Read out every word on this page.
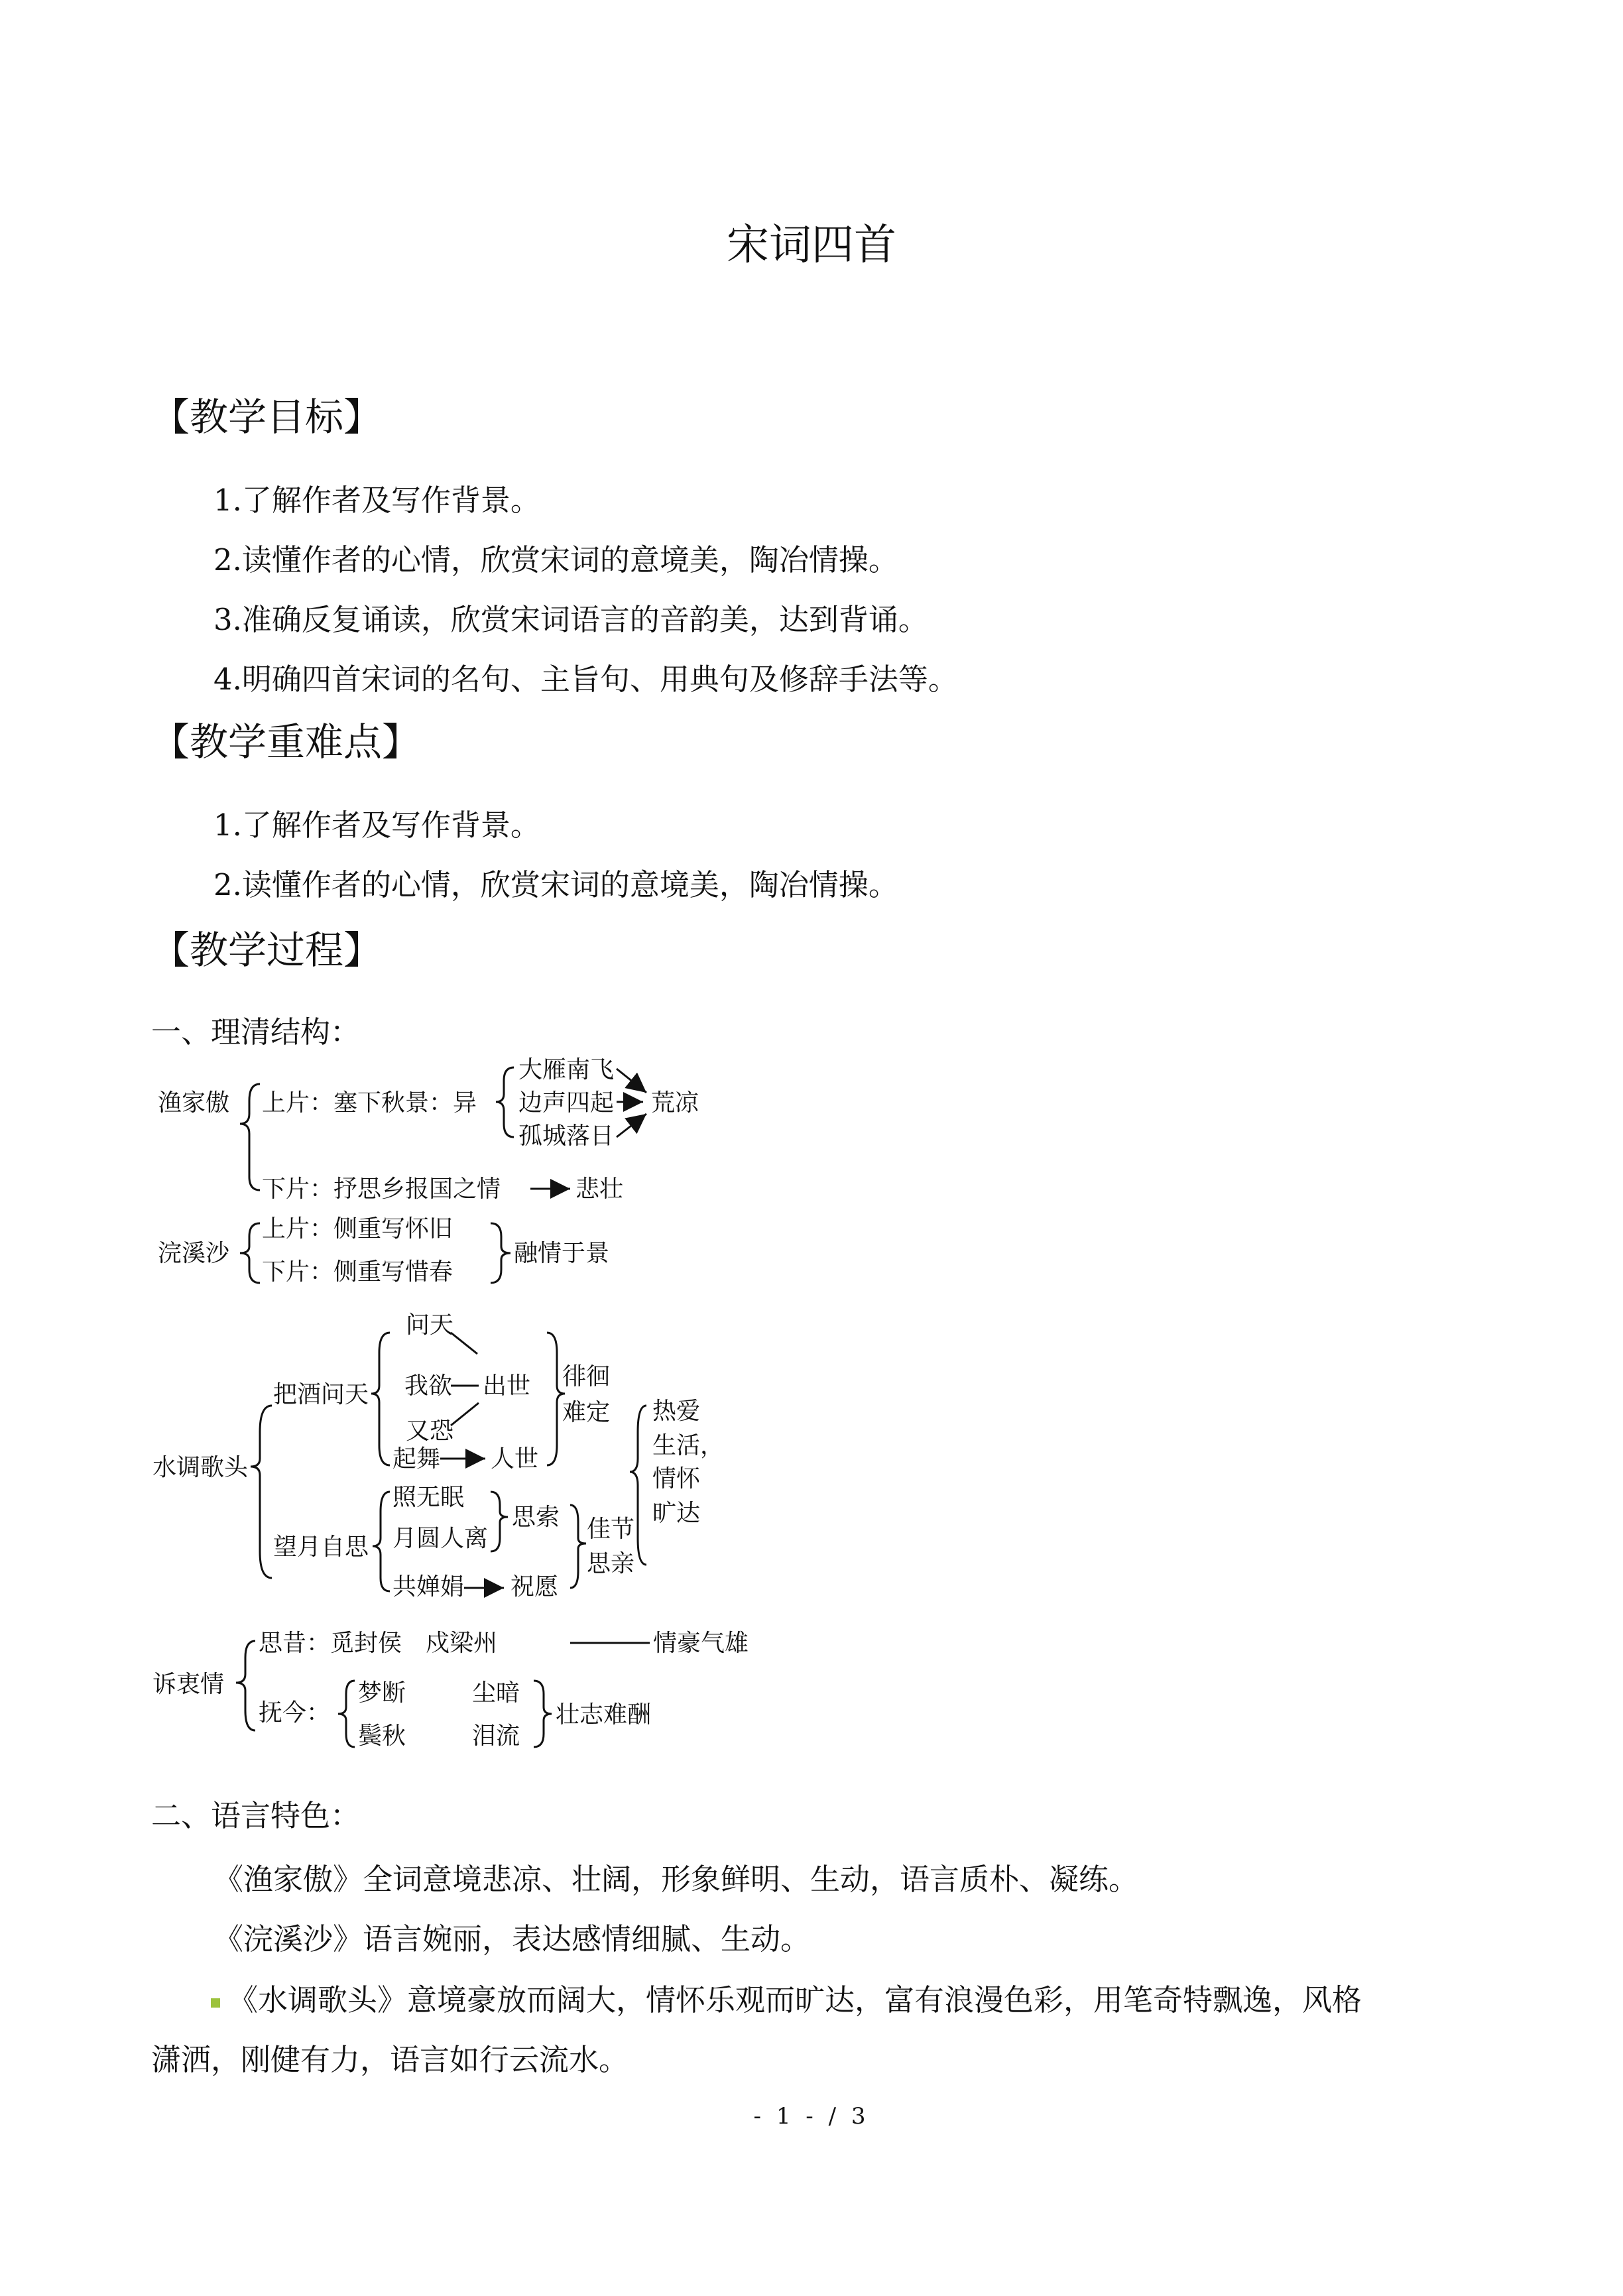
宋词四首
【教学目标】
1.了解作者及写作背景。
2.读懂作者的心情，欣赏宋词的意境美，陶冶情操。
3.准确反复诵读，欣赏宋词语言的音韵美，达到背诵。
4.明确四首宋词的名句、主旨句、用典句及修辞手法等。
【教学重难点】
1.了解作者及写作背景。
2.读懂作者的心情，欣赏宋词的意境美，陶冶情操。
【教学过程】
一、理清结构：
渔家傲 上片：塞下秋景：异
大雁南飞
边声四起
孤城落日
荒凉
下片：抒思乡报国之情	悲壮
浣溪沙
上片：侧重写怀旧
下片：侧重写惜春
融情于景
水调歌头
把酒问天
问天
我欲 出世
又恐
起舞 人世
徘徊
难定 热爱
生活，
情怀
旷达
望月自思
照无眠
月圆人离
共婵娟
思索
祝愿
佳节
思亲
诉衷情
思昔：觅封侯　戍梁州	情豪气雄
抚今：
梦断	尘暗
鬓秋	泪流
壮志难酬
二、语言特色：
《渔家傲》全词意境悲凉、壮阔，形象鲜明、生动，语言质朴、凝练。
《浣溪沙》语言婉丽，表达感情细腻、生动。
《水调歌头》意境豪放而阔大，情怀乐观而旷达，富有浪漫色彩，用笔奇特飘逸，风格
潇洒，刚健有力，语言如行云流水。
- 1 - / 3
